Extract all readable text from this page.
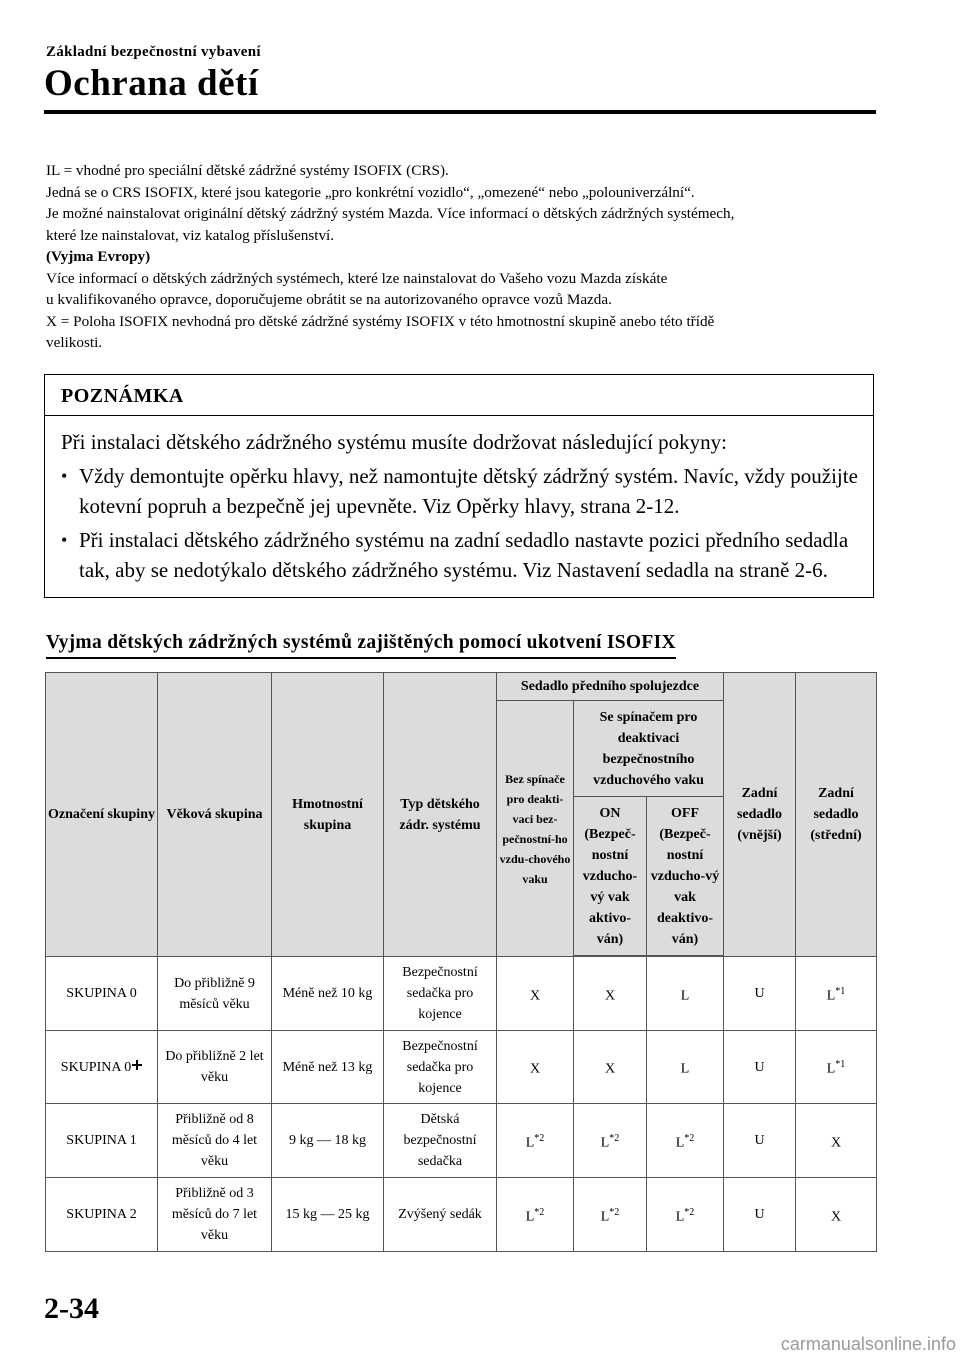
Základní bezpečnostní vybavení
Ochrana dětí

IL = vhodné pro speciální dětské zádržné systémy ISOFIX (CRS).

Jedná se o CRS ISOFIX, které jsou kategorie „pro konkrétní vozidlo“, „omezené“ nebo „polouniverzální“.

Je možné nainstalovat originální dětský zádržný systém Mazda. Více informací o dětských zádržných systémech,

které lze nainstalovat, viz katalog příslušenství.

(Vyjma Evropy)

Více informací o dětských zádržných systémech, které lze nainstalovat do Vašeho vozu Mazda získáte

u kvalifikovaného opravce, doporučujeme obrátit se na autorizovaného opravce vozů Mazda.

X = Poloha ISOFIX nevhodná pro dětské zádržné systémy ISOFIX v této hmotnostní skupině anebo této třídě

velikosti.

POZNÁMKA

Při instalaci dětského zádržného systému musíte dodržovat následující pokyny:

• Vždy demontujte opěrku hlavy, než namontujte dětský zádržný systém. Navíc, vždy použijte kotevní popruh a bezpečně jej upevněte. Viz Opěrky hlavy, strana 2-12.

• Při instalaci dětského zádržného systému na zadní sedadlo nastavte pozici předního sedadla tak, aby se nedotýkalo dětského zádržného systému. Viz Nastavení sedadla na straně 2-6.

Vyjma dětských zádržných systémů zajištěných pomocí ukotvení ISOFIX
Označení skupiny	Věková skupina	Hmotnostní skupina	Typ dětského zádr. systému	Sedadlo předního spolujezdce			Zadní sedadlo (vnější)	Zadní sedadlo (střední)
				Bez spínače pro deakti-vaci bez-pečnostní-ho vzdu-chového vaku	Se spínačem pro deaktivaci bezpečnostního vzduchového vaku			
					ON (Bezpeč-nostní vzducho-vý vak aktivo-ván)	OFF (Bezpeč-nostní vzducho-vý vak deaktivo-ván)		

SKUPINA 0	Do přibližně 9 měsíců věku	Méně než 10 kg	Bezpečnostní sedačka pro kojence	X	X	L	U	$L^{*1}$
SKUPINA 0	Do přibližně 2 let věku	Méně než 13 kg	Bezpečnostní sedačka pro kojence	X	X	L	U	$L^{*1}$
SKUPINA 1	Přibližně od 8 měsíců do 4 let věku	9 kg ― 18 kg	Dětská bezpečnostní sedačka	$L^{*2}$	$L^{*2}$	$L^{*2}$	U	X
SKUPINA 2	Přibližně od 3 měsíců do 7 let věku	15 kg ― 25 kg	Zvýšený sedák	$L^{*2}$	$L^{*2}$	$L^{*2}$	U	X
2-34
carmanualsonline.info
